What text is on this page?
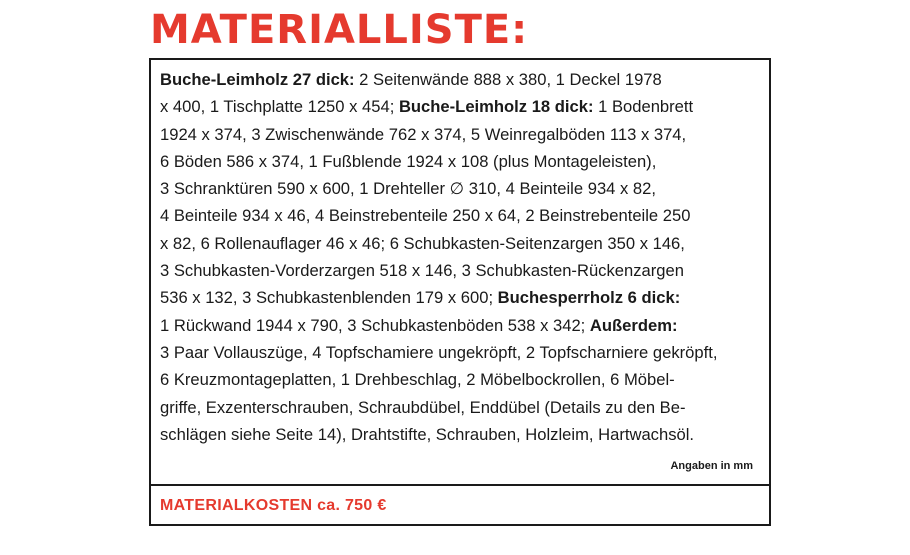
MATERIALLISTE:
Buche-Leimholz 27 dick: 2 Seitenwände 888 x 380, 1 Deckel 1978
x 400, 1 Tischplatte 1250 x 454; Buche-Leimholz 18 dick: 1 Bodenbrett
1924 x 374, 3 Zwischenwände 762 x 374, 5 Weinregalböden 113 x 374,
6 Böden 586 x 374, 1 Fußblende 1924 x 108 (plus Montageleisten),
3 Schranktüren 590 x 600, 1 Drehteller ∅ 310, 4 Beinteile 934 x 82,
4 Beinteile 934 x 46, 4 Beinstrebenteile 250 x 64, 2 Beinstrebenteile 250
x 82, 6 Rollenauflager 46 x 46; 6 Schubkasten-Seitenzargen 350 x 146,
3 Schubkasten-Vorderzargen 518 x 146, 3 Schubkasten-Rückenzargen
536 x 132, 3 Schubkastenblenden 179 x 600; Buchesperrholz 6 dick:
1 Rückwand 1944 x 790, 3 Schubkastenböden 538 x 342; Außerdem:
3 Paar Vollauszüge, 4 Topfschamiere ungekröpft, 2 Topfscharniere gekröpft,
6 Kreuzmontageplatten, 1 Drehbeschlag, 2 Möbelbockrollen, 6 Möbel-
griffe, Exzenterschrauben, Schraubdübel, Enddübel (Details zu den Be-
schlägen siehe Seite 14), Drahtstifte, Schrauben, Holzleim, Hartwachsöl.
Angaben in mm
MATERIALKOSTEN ca. 750 €
